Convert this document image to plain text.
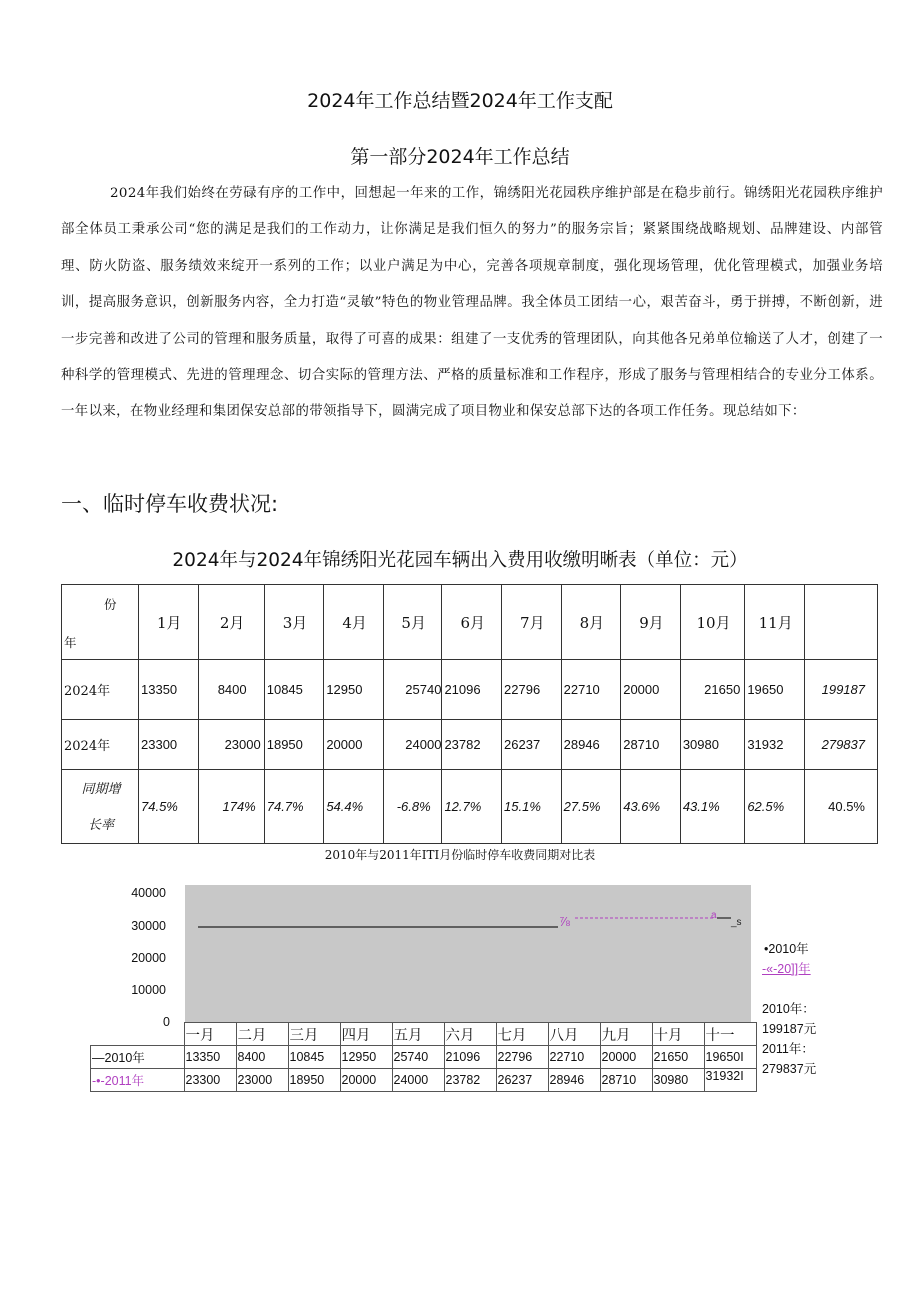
2024年工作总结暨2024年工作支配
第一部分2024年工作总结
2024年我们始终在劳碌有序的工作中，回想起一年来的工作，锦绣阳光花园秩序维护部是在稳步前行。锦绣阳光花园秩序维护部全体员工秉承公司“您的满足是我们的工作动力，让你满足是我们恒久的努力”的服务宗旨；紧紧围绕战略规划、品牌建设、内部管理、防火防盗、服务绩效来绽开一系列的工作；以业户满足为中心，完善各项规章制度，强化现场管理，优化管理模式，加强业务培训，提高服务意识，创新服务内容，全力打造“灵敏”特色的物业管理品牌。我全体员工团结一心，艰苦奋斗，勇于拼搏，不断创新，进一步完善和改进了公司的管理和服务质量，取得了可喜的成果：组建了一支优秀的管理团队，向其他各兄弟单位输送了人才，创建了一种科学的管理模式、先进的管理理念、切合实际的管理方法、严格的质量标准和工作程序，形成了服务与管理相结合的专业分工体系。一年以来，在物业经理和集团保安总部的带领指导下，圆满完成了项目物业和保安总部下达的各项工作任务。现总结如下：
一、临时停车收费状况:
2024年与2024年锦绣阳光花园车辆出入费用收缴明晰表（单位：元）
份
年	1月	2月	3月	4月	5月	6月	7月	8月	9月	10月	11月	
2024年	13350	8400	10845	12950	25740	21096	22796	22710	20000	21650	19650	199187
2024年	23300	23000	18950	20000	24000	23782	26237	28946	28710	30980	31932	279837

同期增
长率	74.5%	174%	74.7%	54.4%	-6.8%	12.7%	15.1%	27.5%	43.6%	43.1%	62.5%	40.5%
2010年与2011年ITI月份临时停车收费同期对比表
40000
30000
20000
10000
0
⅞	a
_s
	一月	二月	三月	四月	五月	六月	七月	八月	九月	十月	十一
—2010年	13350	8400	10845	12950	25740	21096	22796	22710	20000	21650	19650I
-•-2011年	23300	23000	18950	20000	24000	23782	26237	28946	28710	30980	31932I
•2010年
-«-20]]年
2010年：
199187元
2011年：
279837元
